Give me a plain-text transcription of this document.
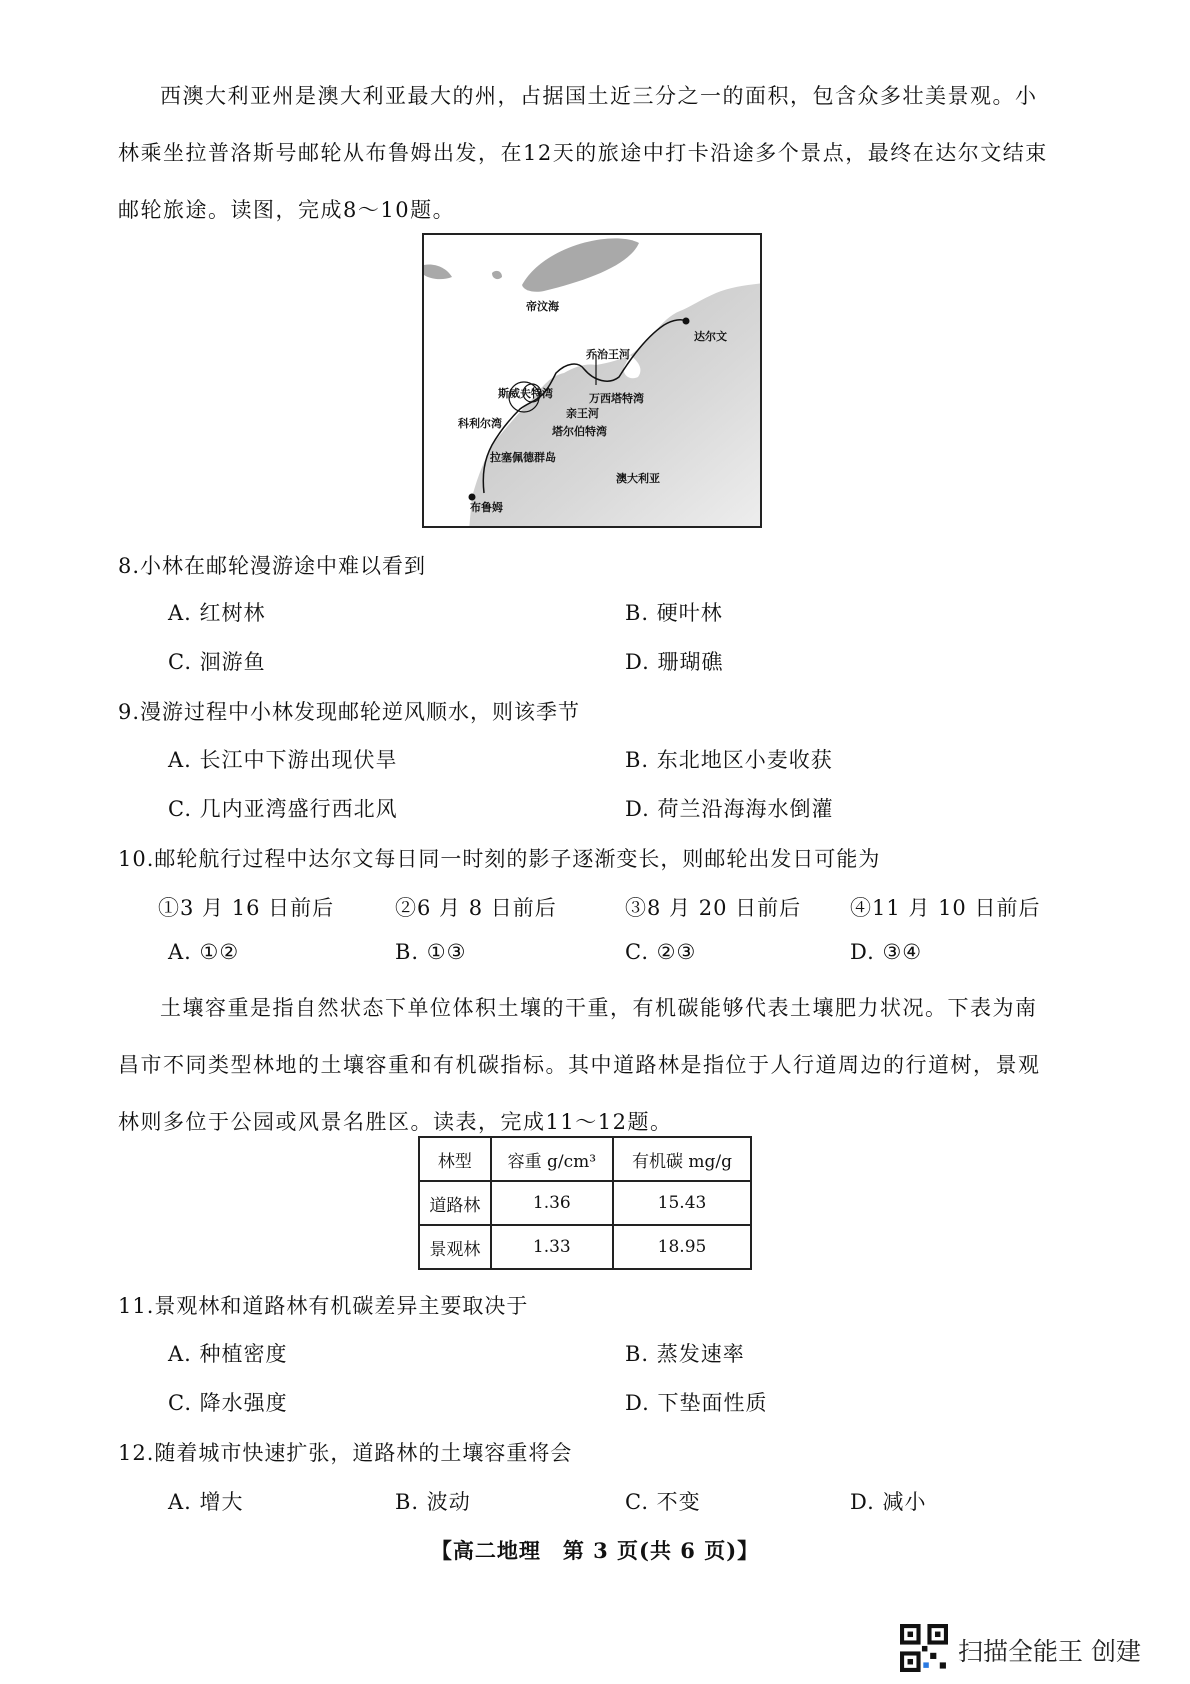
西澳大利亚州是澳大利亚最大的州，占据国土近三分之一的面积，包含众多壮美景观。小林乘坐拉普洛斯号邮轮从布鲁姆出发，在12天的旅途中打卡沿途多个景点，最终在达尔文结束邮轮旅途。读图，完成8～10题。

帝汶海
达尔文
乔治王河
斯威夫特湾	万西塔特湾
亲王河
科利尔湾
塔尔伯特湾
拉塞佩德群岛
澳大利亚
布鲁姆

8.小林在邮轮漫游途中难以看到

A. 红树林	B. 硬叶林
C. 洄游鱼	D. 珊瑚礁

9.漫游过程中小林发现邮轮逆风顺水，则该季节

A. 长江中下游出现伏旱	B. 东北地区小麦收获
C. 几内亚湾盛行西北风	D. 荷兰沿海海水倒灌

10.邮轮航行过程中达尔文每日同一时刻的影子逐渐变长，则邮轮出发日可能为

①3 月 16 日前后	②6 月 8 日前后	③8 月 20 日前后 ④11 月 10 日前后
A. ①②	B. ①③	C. ②③	D. ③④

土壤容重是指自然状态下单位体积土壤的干重，有机碳能够代表土壤肥力状况。下表为南昌市不同类型林地的土壤容重和有机碳指标。其中道路林是指位于人行道周边的行道树，景观林则多位于公园或风景名胜区。读表，完成11～12题。

林型	容重 g/cm³	有机碳 mg/g
道路林	1.36	15.43
景观林	1.33	18.95

11.景观林和道路林有机碳差异主要取决于

A. 种植密度	B. 蒸发速率
C. 降水强度	D. 下垫面性质

12.随着城市快速扩张，道路林的土壤容重将会

A. 增大	B. 波动	C. 不变	D. 减小
【高二地理　第 3 页(共 6 页)】
扫描全能王 创建
